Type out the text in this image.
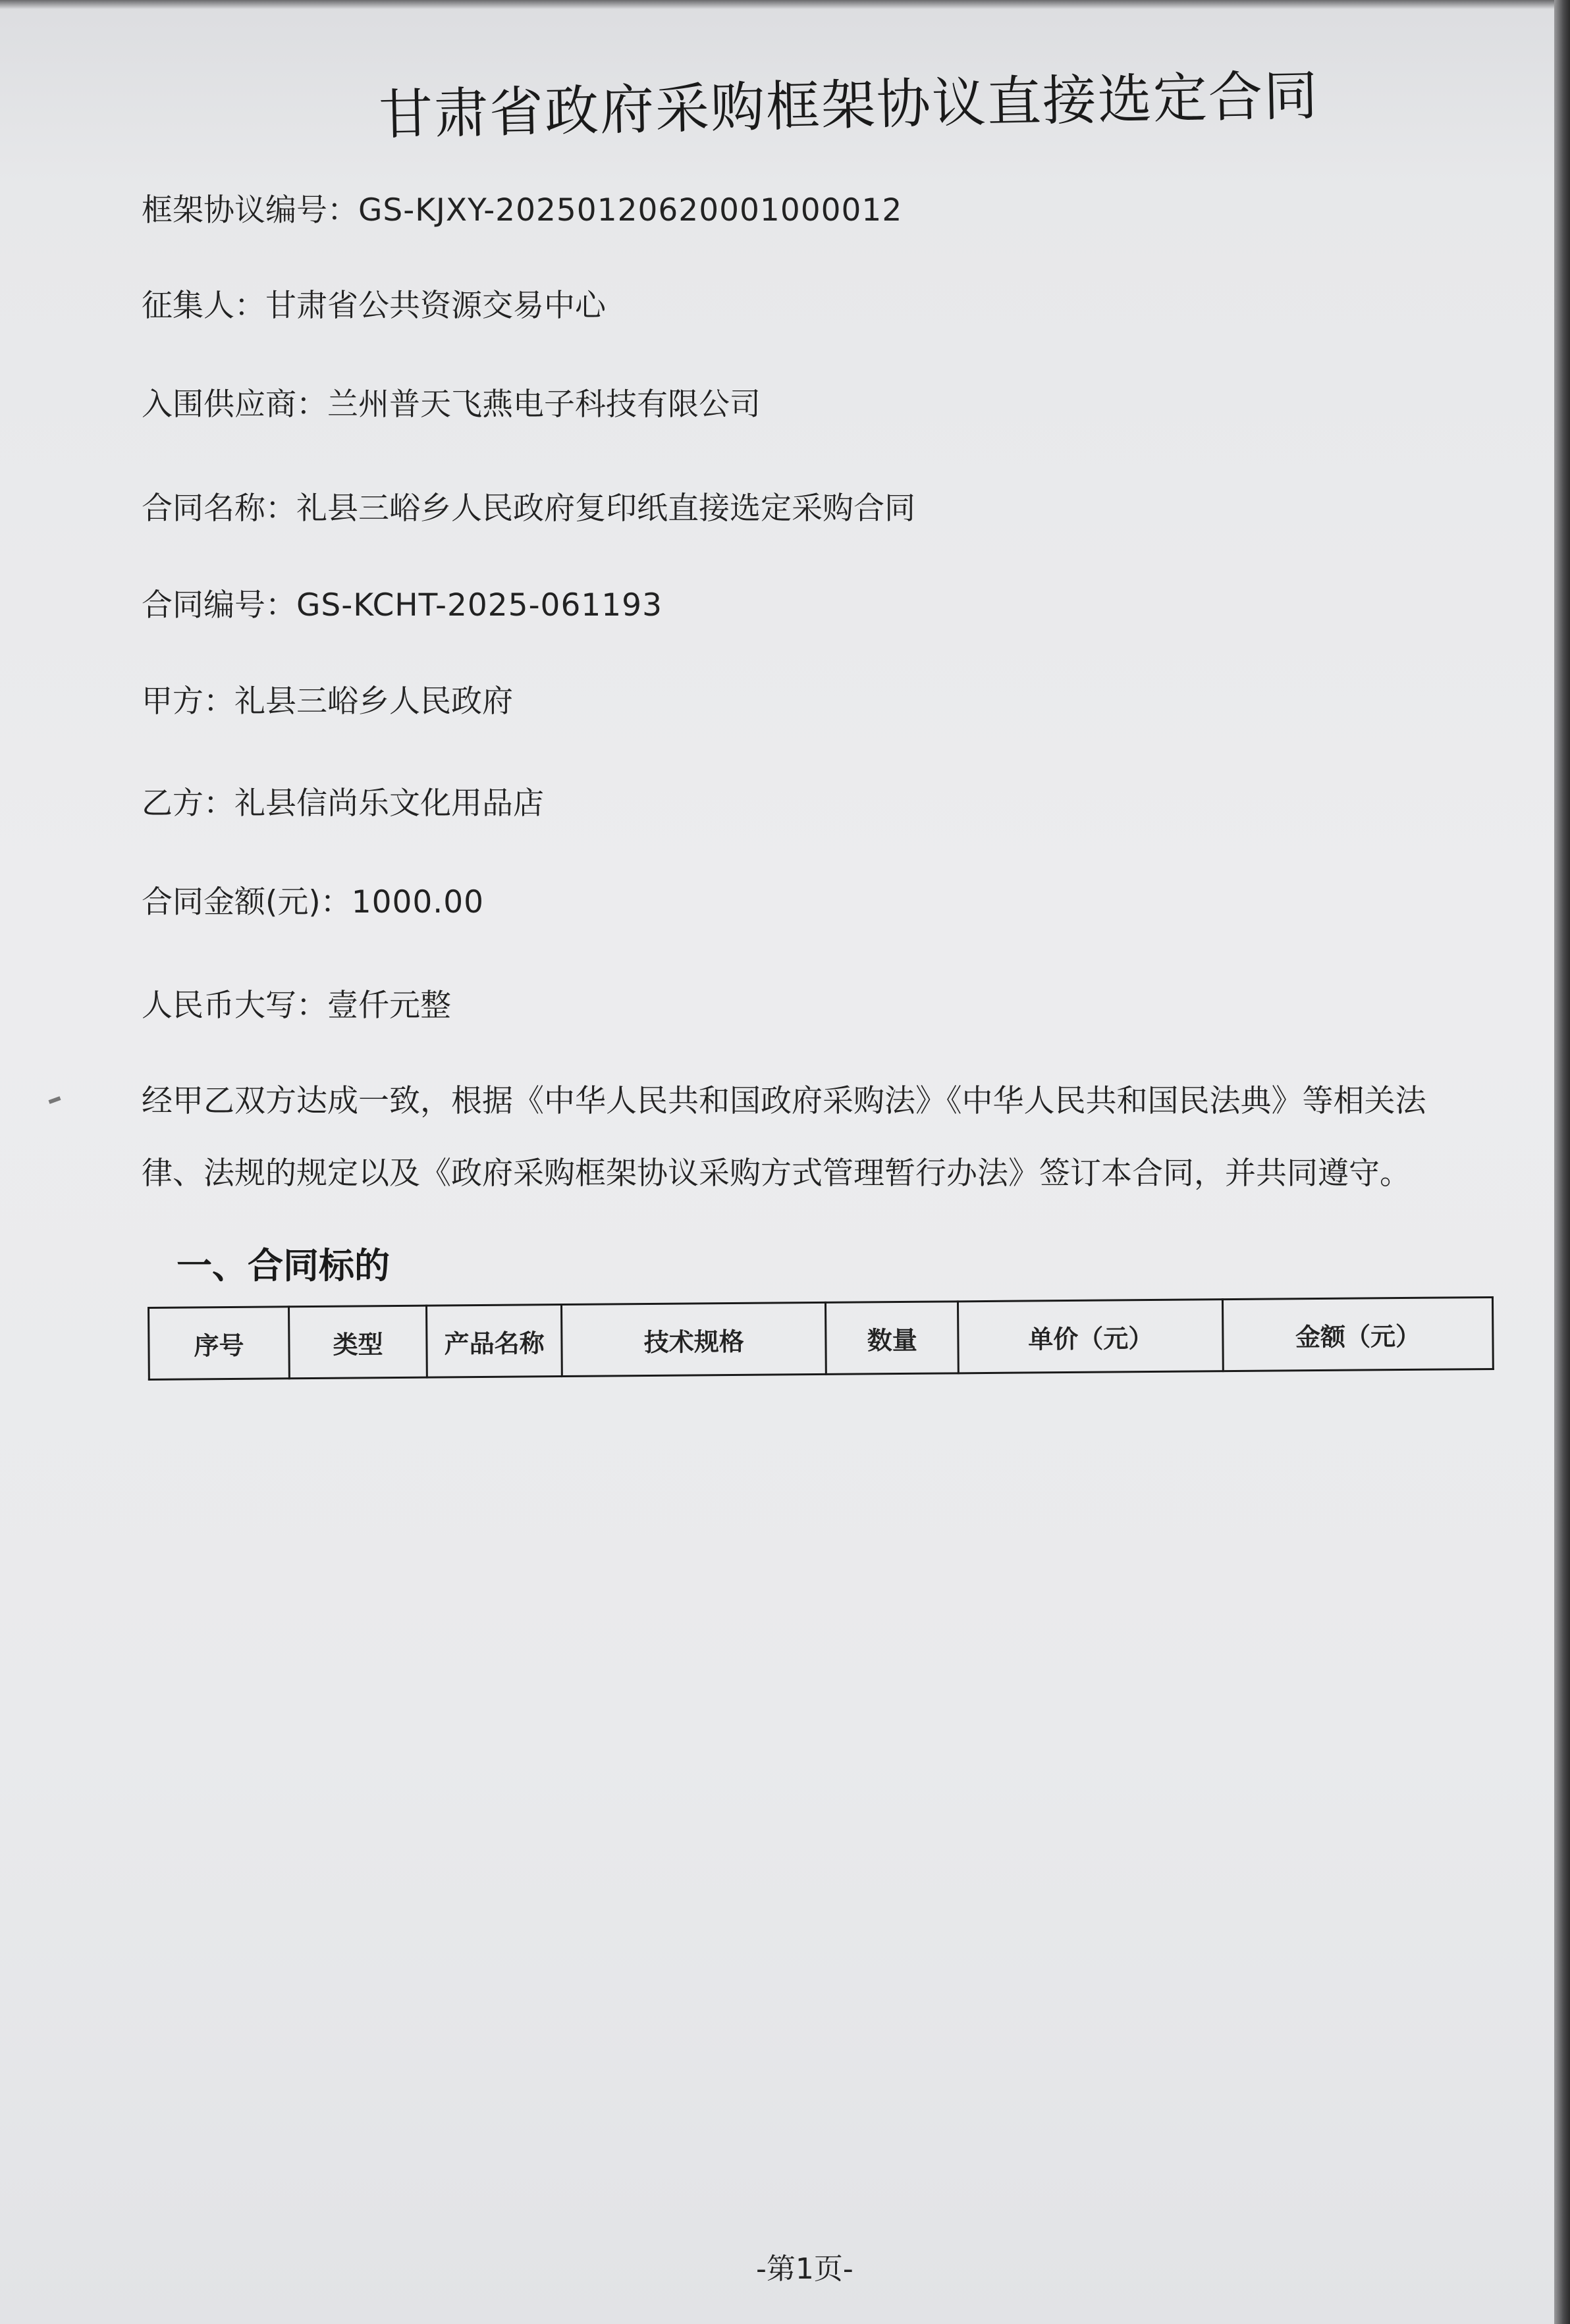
甘肃省政府采购框架协议直接选定合同
框架协议编号：GS-KJXY-20250120620001000012
征集人：甘肃省公共资源交易中心
入围供应商：兰州普天飞燕电子科技有限公司
合同名称：礼县三峪乡人民政府复印纸直接选定采购合同
合同编号：GS-KCHT-2025-061193
甲方：礼县三峪乡人民政府
乙方：礼县信尚乐文化用品店
合同金额(元)：1000.00
人民币大写：壹仟元整
经甲乙双方达成一致，根据《中华人民共和国政府采购法》《中华人民共和国民法典》等相关法
律、法规的规定以及《政府采购框架协议采购方式管理暂行办法》签订本合同，并共同遵守。
一、合同标的
序号	类型	产品名称	技术规格	数量	单价（元）	金额（元）
-第1页-
